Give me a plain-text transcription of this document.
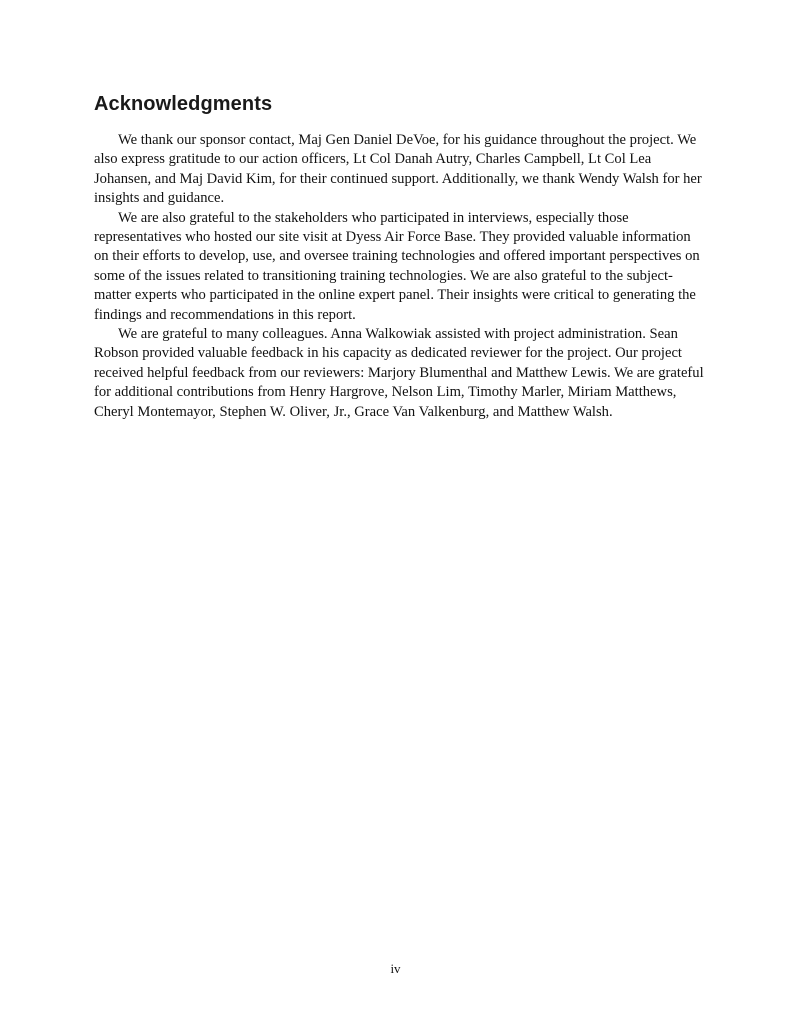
Acknowledgments

We thank our sponsor contact, Maj Gen Daniel DeVoe, for his guidance throughout the project. We also express gratitude to our action officers, Lt Col Danah Autry, Charles Campbell, Lt Col Lea Johansen, and Maj David Kim, for their continued support. Additionally, we thank Wendy Walsh for her insights and guidance.

We are also grateful to the stakeholders who participated in interviews, especially those representatives who hosted our site visit at Dyess Air Force Base. They provided valuable information on their efforts to develop, use, and oversee training technologies and offered important perspectives on some of the issues related to transitioning training technologies. We are also grateful to the subject-matter experts who participated in the online expert panel. Their insights were critical to generating the findings and recommendations in this report.

We are grateful to many colleagues. Anna Walkowiak assisted with project administration. Sean Robson provided valuable feedback in his capacity as dedicated reviewer for the project. Our project received helpful feedback from our reviewers: Marjory Blumenthal and Matthew Lewis. We are grateful for additional contributions from Henry Hargrove, Nelson Lim, Timothy Marler, Miriam Matthews, Cheryl Montemayor, Stephen W. Oliver, Jr., Grace Van Valkenburg, and Matthew Walsh.

iv
